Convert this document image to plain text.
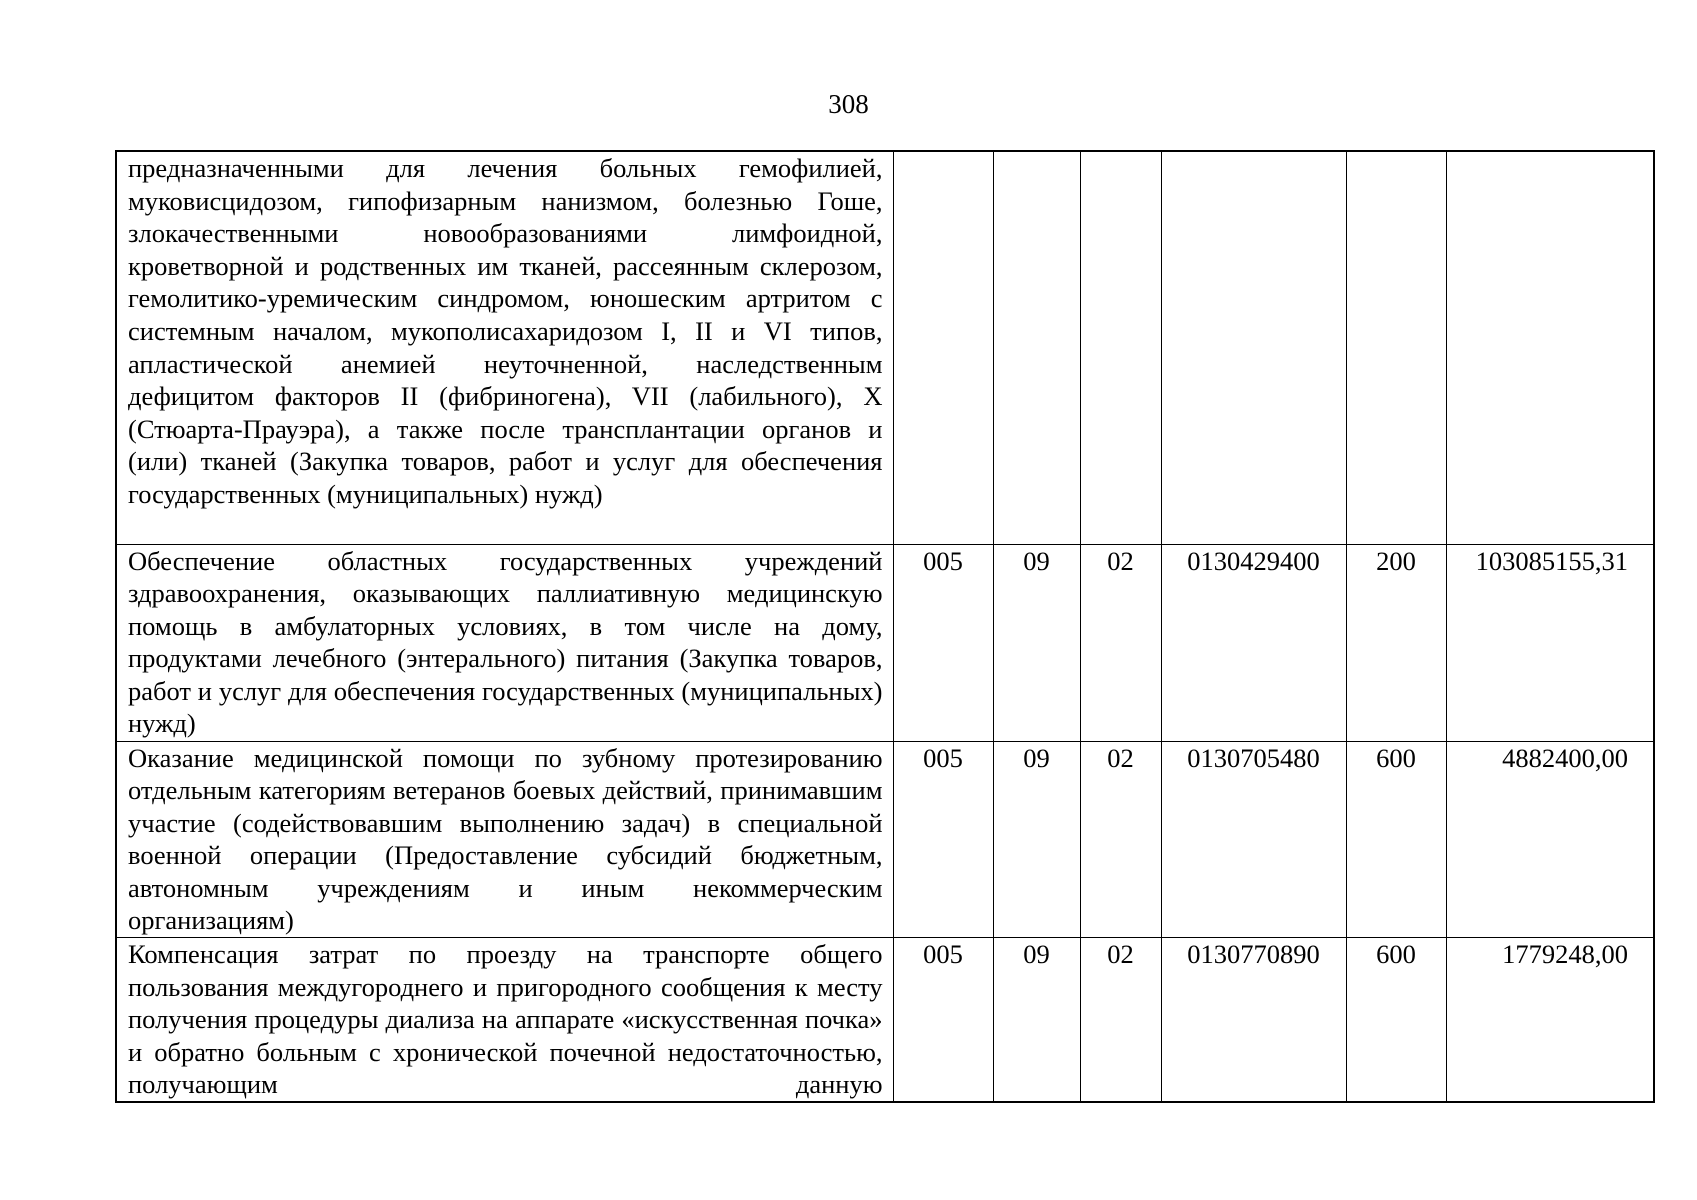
308
предназначенными для лечения больных гемофилией, муковисцидозом, гипофизарным нанизмом, болезнью Гоше, злокачественными новообразованиями лимфоидной, кроветворной и родственных им тканей, рассеянным склерозом, гемолитико-уремическим синдромом, юношеским артритом с системным началом, мукополисахаридозом I, II и VI типов, апластической анемией неуточненной, наследственным дефицитом факторов II (фибриногена), VII (лабильного), X (Стюарта-Прауэра), а также после трансплантации органов и (или) тканей (Закупка товаров, работ и услуг для обеспечения государственных (муниципальных) нужд)						
Обеспечение областных государственных учреждений здравоохранения, оказывающих паллиативную медицинскую помощь в амбулаторных условиях, в том числе на дому, продуктами лечебного (энтерального) питания (Закупка товаров, работ и услуг для обеспечения государственных (муниципальных) нужд)	005	09	02	0130429400	200	103085155,31
Оказание медицинской помощи по зубному протезированию отдельным категориям ветеранов боевых действий, принимавшим участие (содействовавшим выполнению задач) в специальной военной операции (Предоставление субсидий бюджетным, автономным учреждениям и иным некоммерческим организациям)	005	09	02	0130705480	600	4882400,00
Компенсация затрат по проезду на транспорте общего пользования междугороднего и пригородного сообщения к месту получения процедуры диализа на аппарате «искусственная почка» и обратно больным с хронической почечной недостаточностью, получающим данную	005	09	02	0130770890	600	1779248,00
